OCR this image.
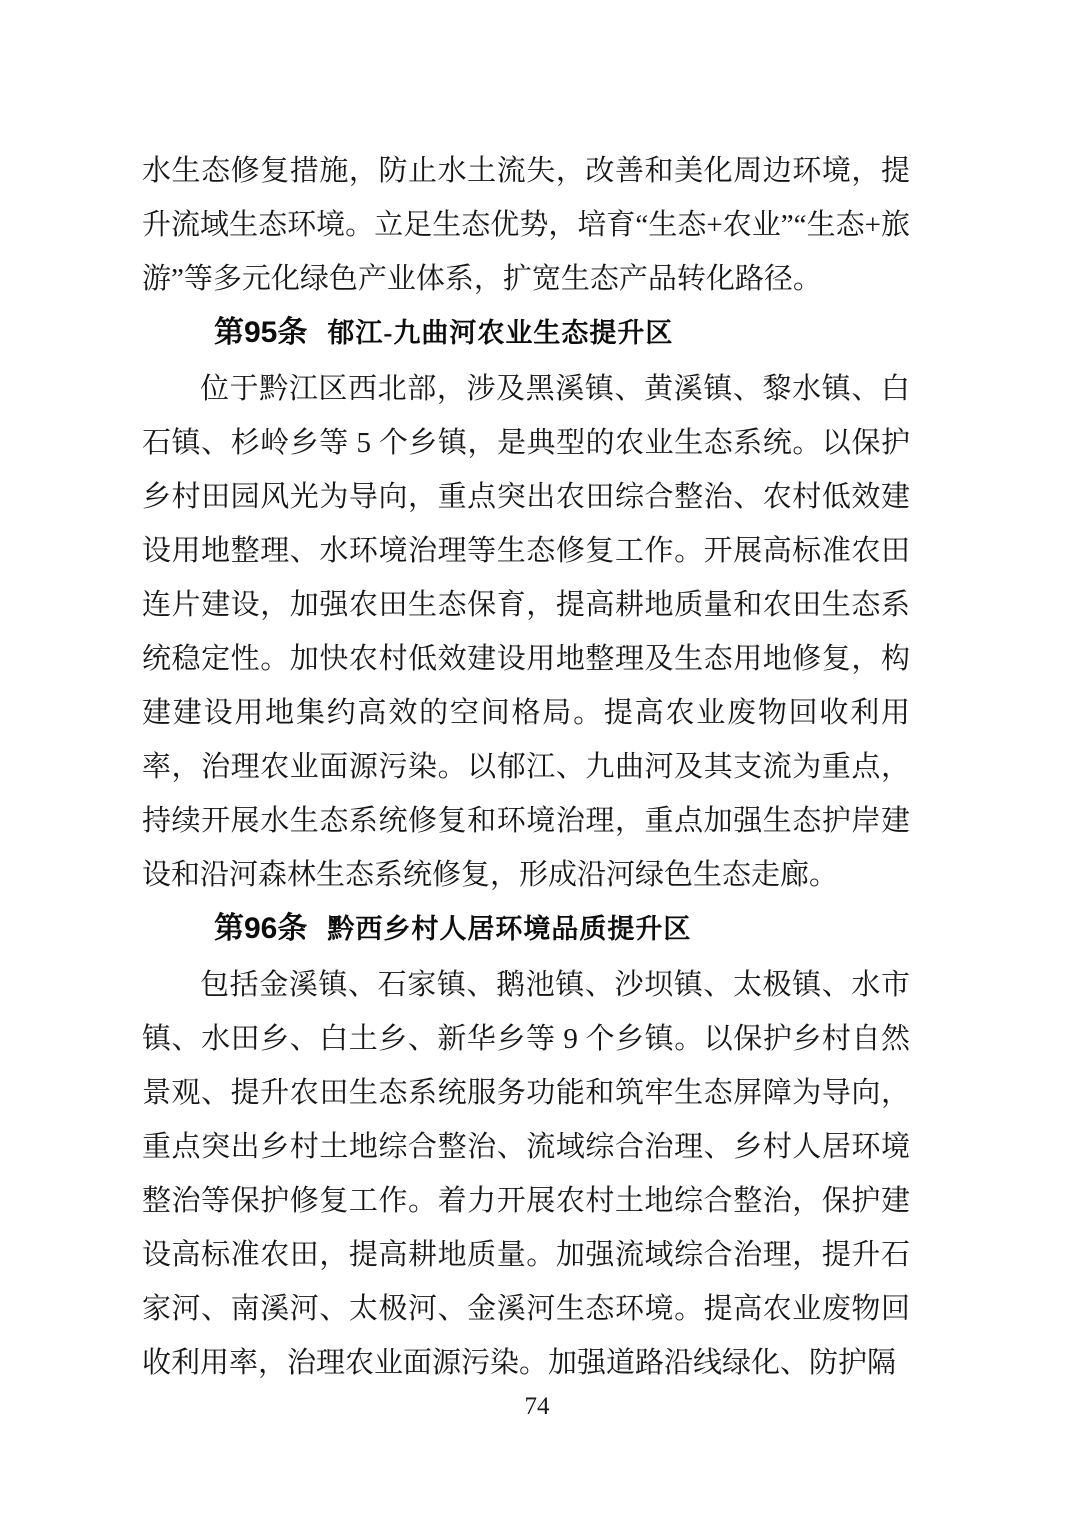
水生态修复措施，防止水土流失，改善和美化周边环境，提升流域生态环境。立足生态优势，培育“生态+农业”“生态+旅游”等多元化绿色产业体系，扩宽生态产品转化路径。

第95条 郁江-九曲河农业生态提升区

位于黔江区西北部，涉及黑溪镇、黄溪镇、黎水镇、白石镇、杉岭乡等 5 个乡镇，是典型的农业生态系统。以保护乡村田园风光为导向，重点突出农田综合整治、农村低效建设用地整理、水环境治理等生态修复工作。开展高标准农田连片建设，加强农田生态保育，提高耕地质量和农田生态系统稳定性。加快农村低效建设用地整理及生态用地修复，构建建设用地集约高效的空间格局。提高农业废物回收利用率，治理农业面源污染。以郁江、九曲河及其支流为重点，持续开展水生态系统修复和环境治理，重点加强生态护岸建设和沿河森林生态系统修复，形成沿河绿色生态走廊。

第96条 黔西乡村人居环境品质提升区

包括金溪镇、石家镇、鹅池镇、沙坝镇、太极镇、水市镇、水田乡、白土乡、新华乡等 9 个乡镇。以保护乡村自然景观、提升农田生态系统服务功能和筑牢生态屏障为导向，重点突出乡村土地综合整治、流域综合治理、乡村人居环境整治等保护修复工作。着力开展农村土地综合整治，保护建设高标准农田，提高耕地质量。加强流域综合治理，提升石家河、南溪河、太极河、金溪河生态环境。提高农业废物回收利用率，治理农业面源污染。加强道路沿线绿化、防护隔

74
